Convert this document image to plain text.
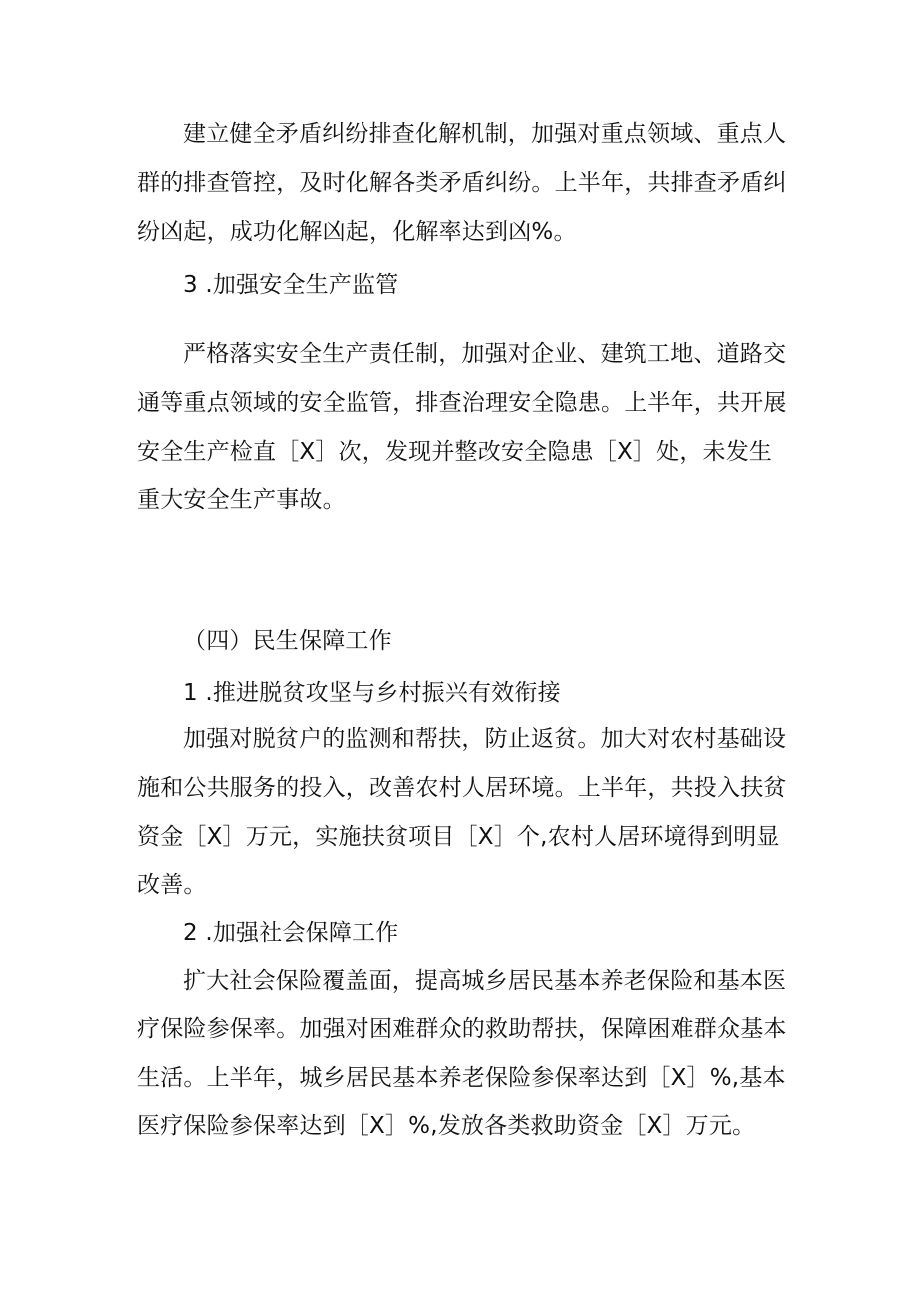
建立健全矛盾纠纷排查化解机制，加强对重点领域、重点人
群的排查管控，及时化解各类矛盾纠纷。上半年，共排查矛盾纠
纷凶起，成功化解凶起，化解率达到凶%。
3 .加强安全生产监管
严格落实安全生产责任制，加强对企业、建筑工地、道路交
通等重点领域的安全监管，排查治理安全隐患。上半年，共开展
安全生产检直［X］次，发现并整改安全隐患［X］处，未发生
重大安全生产事故。
（四）民生保障工作
1 .推进脱贫攻坚与乡村振兴有效衔接
加强对脱贫户的监测和帮扶，防止返贫。加大对农村基础设
施和公共服务的投入，改善农村人居环境。上半年，共投入扶贫
资金［X］万元，实施扶贫项目［X］个,农村人居环境得到明显
改善。
2 .加强社会保障工作
扩大社会保险覆盖面，提高城乡居民基本养老保险和基本医
疗保险参保率。加强对困难群众的救助帮扶，保障困难群众基本
生活。上半年，城乡居民基本养老保险参保率达到［X］%,基本
医疗保险参保率达到［X］%,发放各类救助资金［X］万元。
